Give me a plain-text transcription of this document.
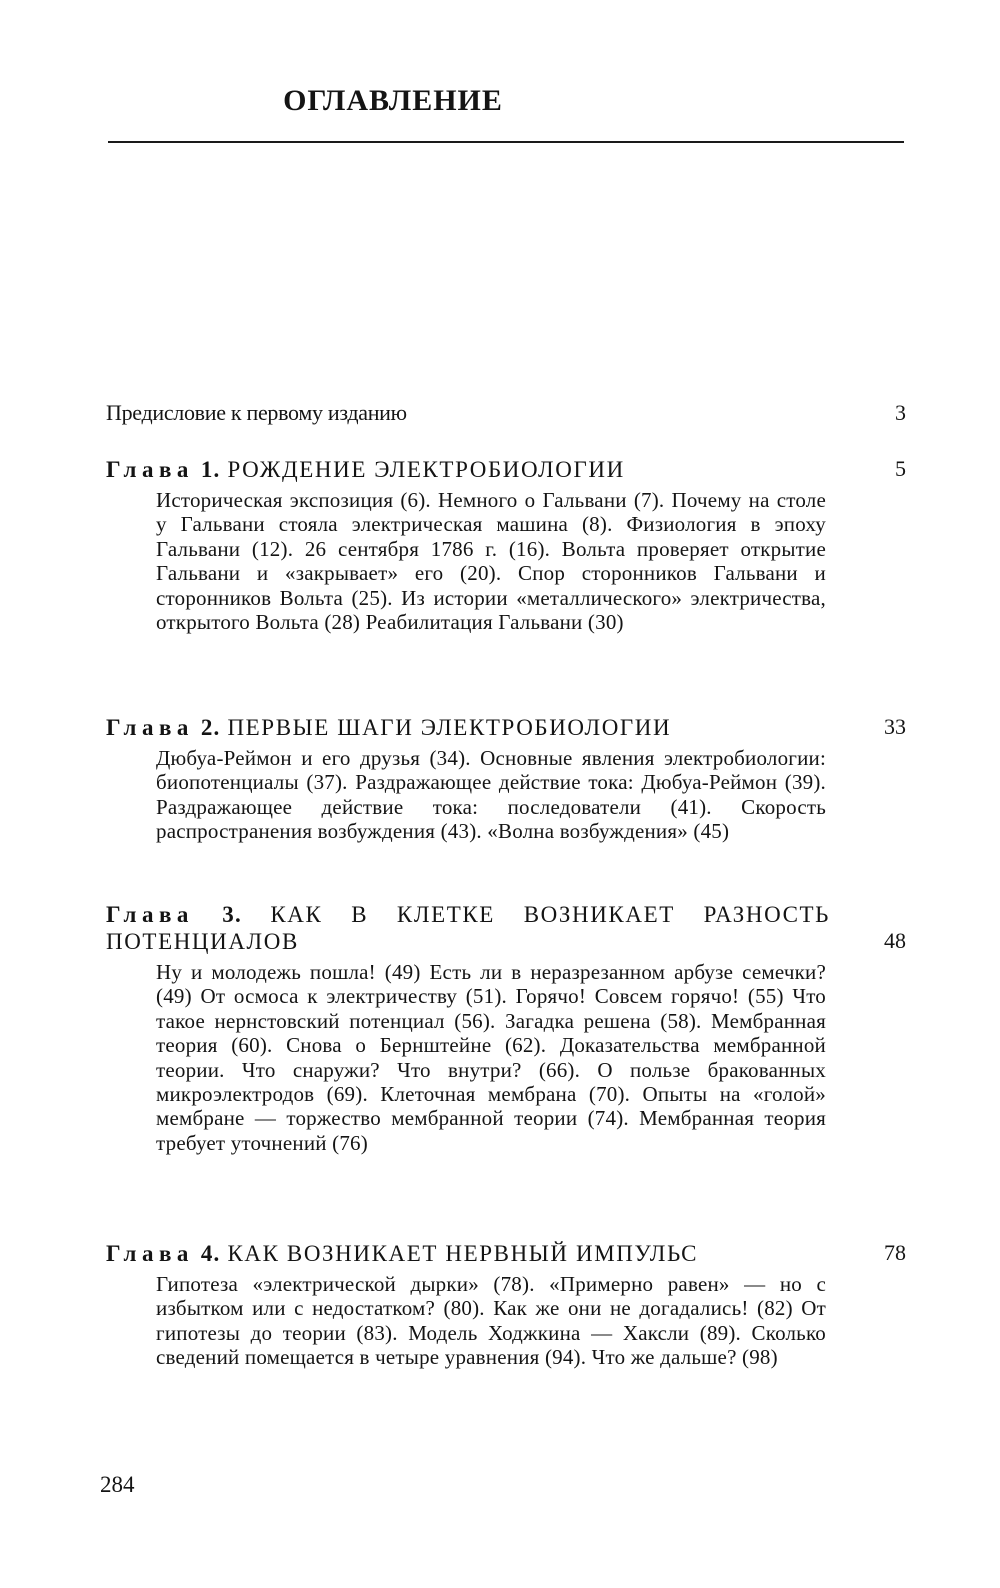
ОГЛАВЛЕНИЕ
Предисловие к первому изданию	3
Глава 1. РОЖДЕНИЕ ЭЛЕКТРОБИОЛОГИИ	5
Историческая экспозиция (6). Немного о Гальвани (7). Почему на столе у Гальвани стояла электрическая машина (8). Физиология в эпоху Гальвани (12). 26 сентября 1786 г. (16). Вольта проверяет открытие Гальвани и «закрывает» его (20). Спор сторонников Гальвани и сторонников Вольта (25). Из истории «металлического» электричества, открытого Вольта (28) Реабилитация Гальвани (30)
Глава 2. ПЕРВЫЕ ШАГИ ЭЛЕКТРОБИОЛОГИИ	33
Дюбуа-Реймон и его друзья (34). Основные явления электробиологии: биопотенциалы (37). Раздражающее действие тока: Дюбуа-Реймон (39). Раздражающее действие тока: последователи (41). Скорость распространения возбуждения (43). «Волна возбуждения» (45)
Глава 3. КАК В КЛЕТКЕ ВОЗНИКАЕТ РАЗНОСТЬ ПОТЕНЦИАЛОВ	48
Ну и молодежь пошла! (49) Есть ли в неразрезанном арбузе семечки? (49) От осмоса к электричеству (51). Горячо! Совсем горячо! (55) Что такое нернстовский потенциал (56). Загадка решена (58). Мембранная теория (60). Снова о Бернштейне (62). Доказательства мембранной теории. Что снаружи? Что внутри? (66). О пользе бракованных микроэлектродов (69). Клеточная мембрана (70). Опыты на «голой» мембране — торжество мембранной теории (74). Мембранная теория требует уточнений (76)
Глава 4. КАК ВОЗНИКАЕТ НЕРВНЫЙ ИМПУЛЬС	78
Гипотеза «электрической дырки» (78). «Примерно равен» — но с избытком или с недостатком? (80). Как же они не догадались! (82) От гипотезы до теории (83). Модель Ходжкина — Хаксли (89). Сколько сведений помещается в четыре уравнения (94). Что же дальше? (98)
284
